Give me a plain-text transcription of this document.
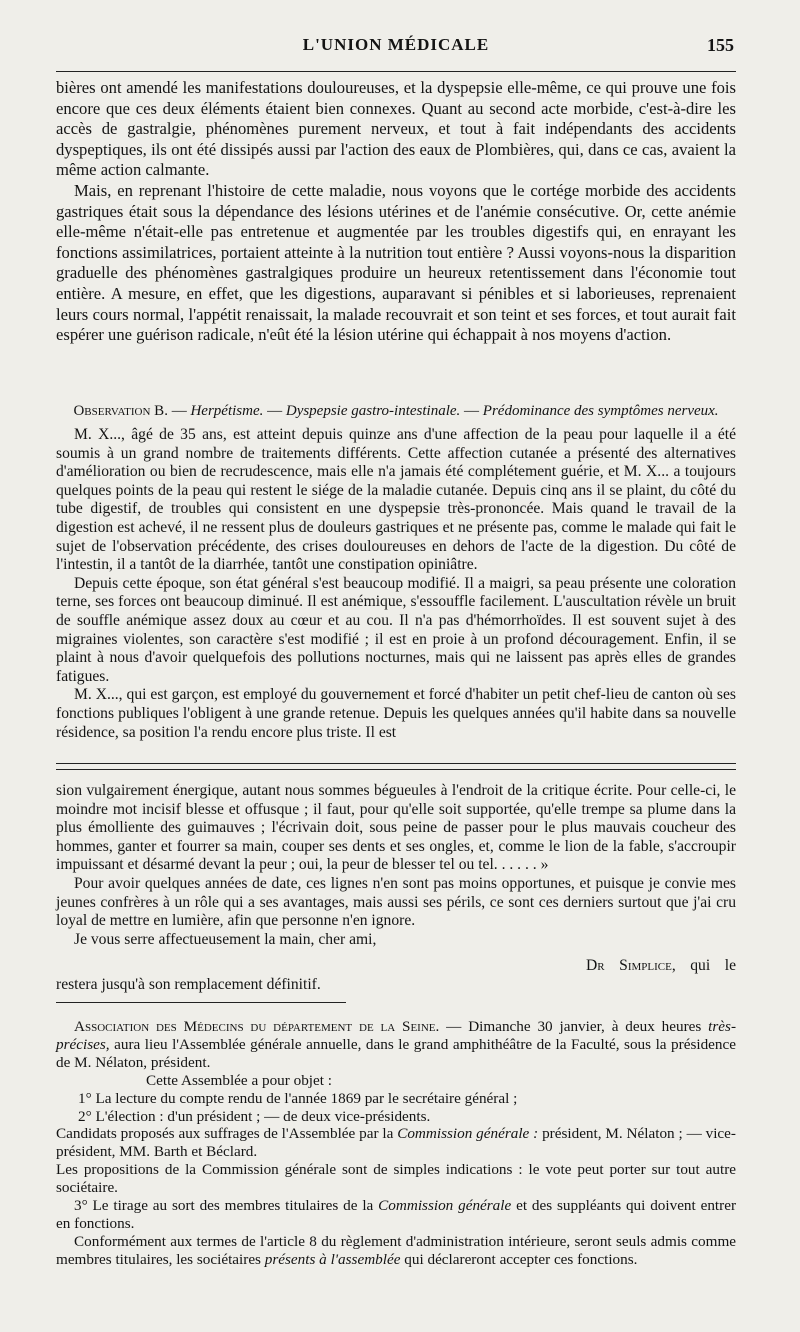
L'UNION MÉDICALE	155

bières ont amendé les manifestations douloureuses, et la dyspepsie elle-même, ce qui prouve une fois encore que ces deux éléments étaient bien connexes. Quant au second acte morbide, c'est-à-dire les accès de gastralgie, phénomènes purement nerveux, et tout à fait indépendants des accidents dyspeptiques, ils ont été dissipés aussi par l'action des eaux de Plombières, qui, dans ce cas, avaient la même action calmante.

Mais, en reprenant l'histoire de cette maladie, nous voyons que le cortége morbide des accidents gastriques était sous la dépendance des lésions utérines et de l'anémie consécutive. Or, cette anémie elle-même n'était-elle pas entretenue et augmentée par les troubles digestifs qui, en enrayant les fonctions assimilatrices, portaient atteinte à la nutrition tout entière ? Aussi voyons-nous la disparition graduelle des phénomènes gastralgiques produire un heureux retentissement dans l'économie tout entière. A mesure, en effet, que les digestions, auparavant si pénibles et si laborieuses, reprenaient leurs cours normal, l'appétit renaissait, la malade recouvrait et son teint et ses forces, et tout aurait fait espérer une guérison radicale, n'eût été la lésion utérine qui échappait à nos moyens d'action.

Observation B. — Herpétisme. — Dyspepsie gastro-intestinale. — Prédominance des symptômes nerveux.

M. X..., âgé de 35 ans, est atteint depuis quinze ans d'une affection de la peau pour laquelle il a été soumis à un grand nombre de traitements différents. Cette affection cutanée a présenté des alternatives d'amélioration ou bien de recrudescence, mais elle n'a jamais été complétement guérie, et M. X... a toujours quelques points de la peau qui restent le siége de la maladie cutanée. Depuis cinq ans il se plaint, du côté du tube digestif, de troubles qui consistent en une dyspepsie très-prononcée. Mais quand le travail de la digestion est achevé, il ne ressent plus de douleurs gastriques et ne présente pas, comme le malade qui fait le sujet de l'observation précédente, des crises douloureuses en dehors de l'acte de la digestion. Du côté de l'intestin, il a tantôt de la diarrhée, tantôt une constipation opiniâtre.

Depuis cette époque, son état général s'est beaucoup modifié. Il a maigri, sa peau présente une coloration terne, ses forces ont beaucoup diminué. Il est anémique, s'essouffle facilement. L'auscultation révèle un bruit de souffle anémique assez doux au cœur et au cou. Il n'a pas d'hémorrhoïdes. Il est souvent sujet à des migraines violentes, son caractère s'est modifié ; il est en proie à un profond découragement. Enfin, il se plaint à nous d'avoir quelquefois des pollutions nocturnes, mais qui ne laissent pas après elles de grandes fatigues.

M. X..., qui est garçon, est employé du gouvernement et forcé d'habiter un petit chef-lieu de canton où ses fonctions publiques l'obligent à une grande retenue. Depuis les quelques années qu'il habite dans sa nouvelle résidence, sa position l'a rendu encore plus triste. Il est

sion vulgairement énergique, autant nous sommes bégueules à l'endroit de la critique écrite. Pour celle-ci, le moindre mot incisif blesse et offusque ; il faut, pour qu'elle soit supportée, qu'elle trempe sa plume dans la plus émolliente des guimauves ; l'écrivain doit, sous peine de passer pour le plus mauvais coucheur des hommes, ganter et fourrer sa main, couper ses dents et ses ongles, et, comme le lion de la fable, s'accroupir impuissant et désarmé devant la peur ; oui, la peur de blesser tel ou tel. . . . . . »

Pour avoir quelques années de date, ces lignes n'en sont pas moins opportunes, et puisque je convie mes jeunes confrères à un rôle qui a ses avantages, mais aussi ses périls, ce sont ces derniers surtout que j'ai cru loyal de mettre en lumière, afin que personne n'en ignore.

Je vous serre affectueusement la main, cher ami,

Dr Simplice, qui le restera jusqu'à son remplacement définitif.

Association des Médecins du département de la Seine. — Dimanche 30 janvier, à deux heures très-précises, aura lieu l'Assemblée générale annuelle, dans le grand amphithéâtre de la Faculté, sous la présidence de M. Nélaton, président.

Cette Assemblée a pour objet :

1° La lecture du compte rendu de l'année 1869 par le secrétaire général ;

2° L'élection : d'un président ; — de deux vice-présidents.

Candidats proposés aux suffrages de l'Assemblée par la Commission générale : président, M. Nélaton ; — vice-président, MM. Barth et Béclard.

Les propositions de la Commission générale sont de simples indications : le vote peut porter sur tout autre sociétaire.

3° Le tirage au sort des membres titulaires de la Commission générale et des suppléants qui doivent entrer en fonctions.

Conformément aux termes de l'article 8 du règlement d'administration intérieure, seront seuls admis comme membres titulaires, les sociétaires présents à l'assemblée qui déclareront accepter ces fonctions.
